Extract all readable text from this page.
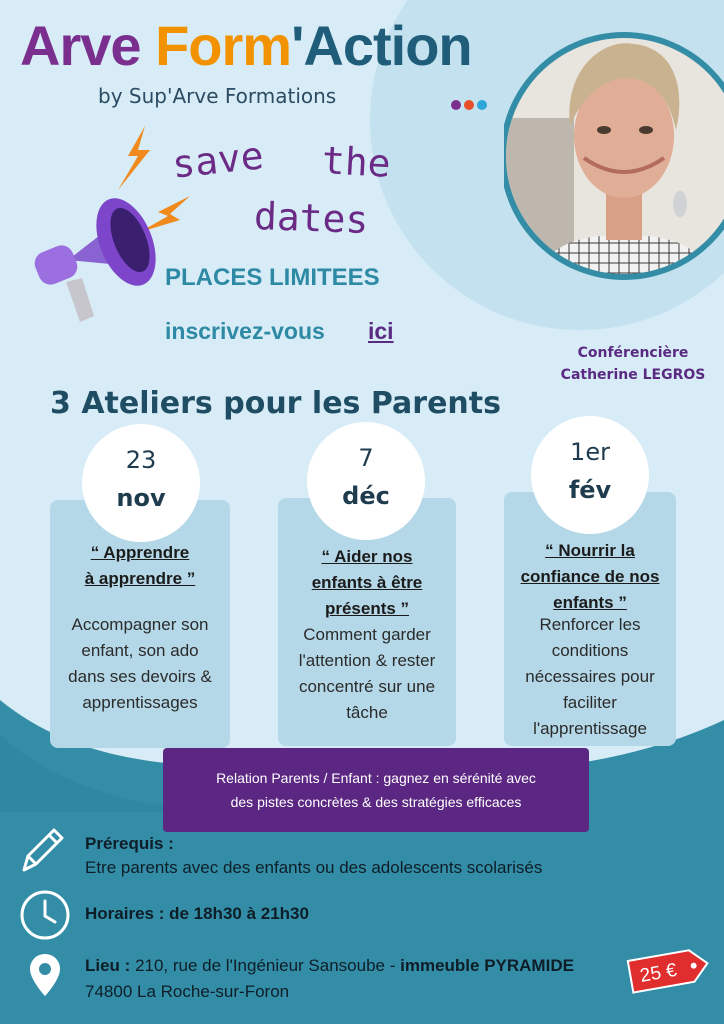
Arve Form'Action
by Sup'Arve Formations
save the
dates
PLACES LIMITEES
inscrivez-vous ici
Conférencière
Catherine LEGROS
3 Ateliers pour les Parents
23
nov
“ Apprendre
à apprendre ”
Accompagner son
enfant, son ado
dans ses devoirs &
apprentissages
7
déc
“ Aider nos
enfants à être
présents ”
Comment garder
l'attention & rester
concentré sur une
tâche
1er
fév
“ Nourrir la
confiance de nos
enfants ”
Renforcer les
conditions
nécessaires pour
faciliter
l'apprentissage
Relation Parents / Enfant : gagnez en sérénité avec
des pistes concrètes & des stratégies efficaces
Prérequis :
Etre parents avec des enfants ou des adolescents scolarisés
Horaires : de 18h30 à 21h30
Lieu : 210, rue de l'Ingénieur Sansoube - immeuble PYRAMIDE
74800 La Roche-sur-Foron
25 €
